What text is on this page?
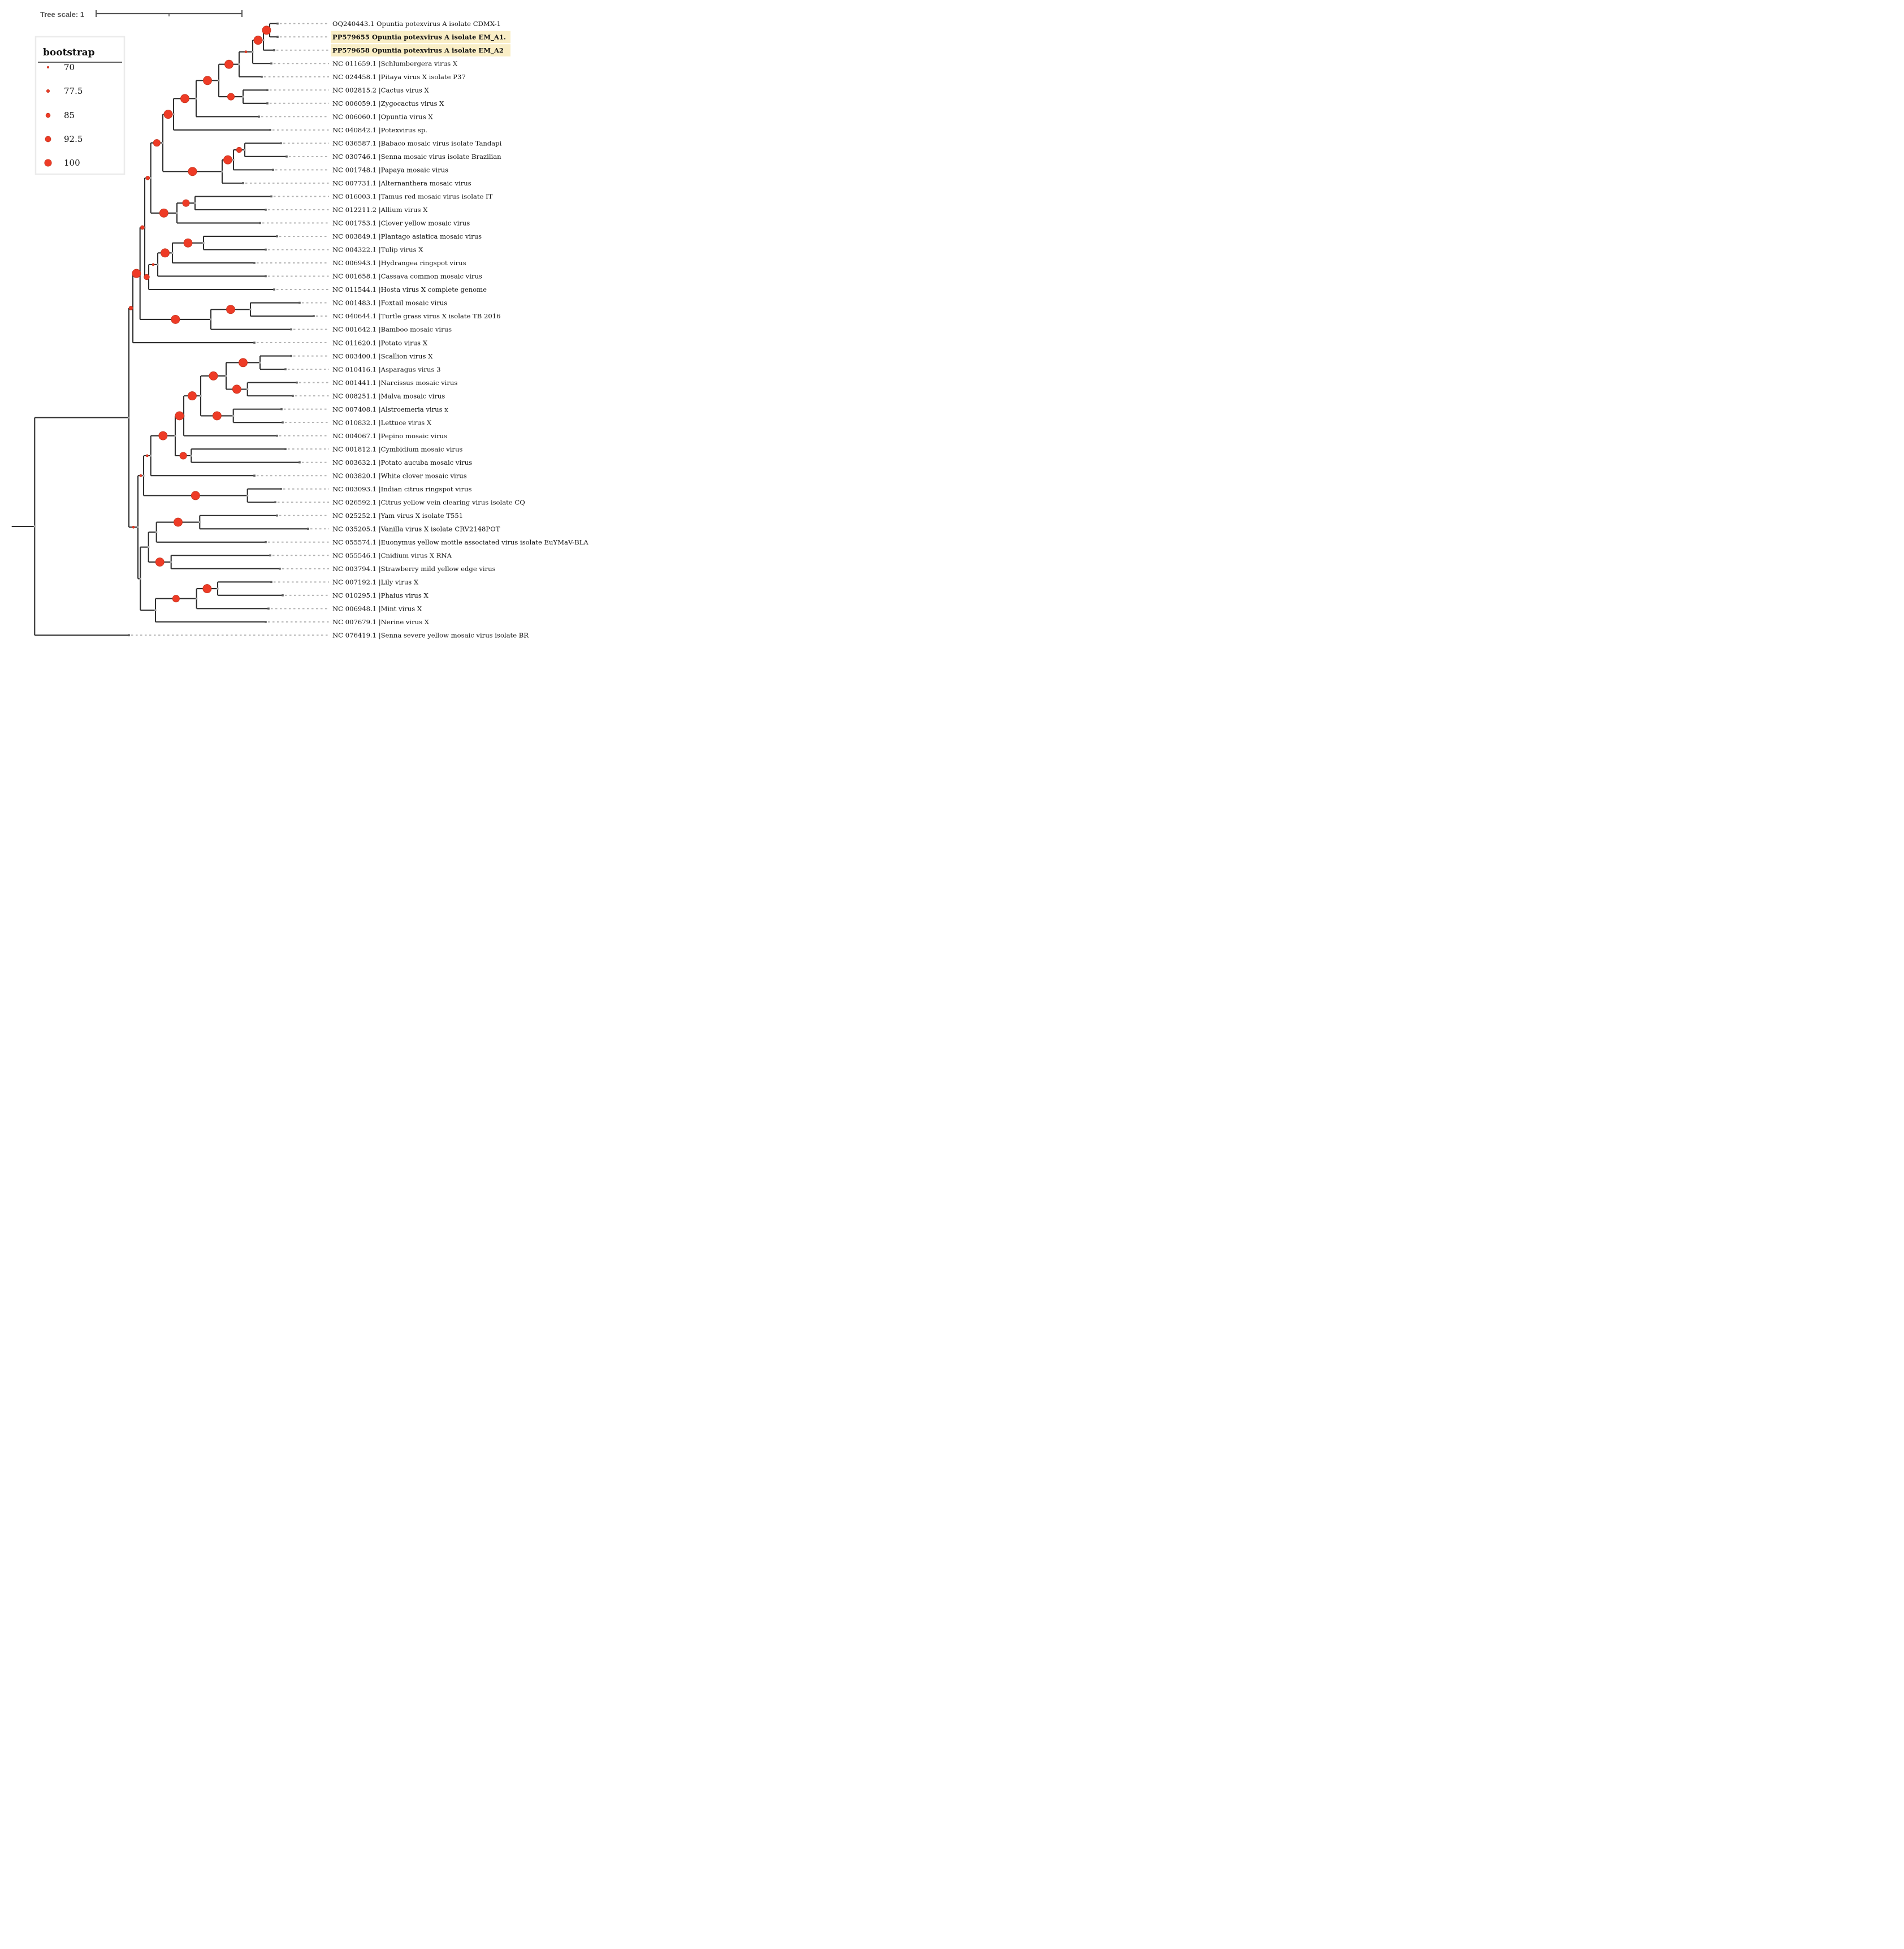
Tree scale: 1
bootstrap
70
77.5
85
92.5
100
OQ240443.1 Opuntia potexvirus A isolate CDMX-1
PP579655 Opuntia potexvirus A isolate EM_A1.
PP579658 Opuntia potexvirus A isolate EM_A2
NC 011659.1 |Schlumbergera virus X
NC 024458.1 |Pitaya virus X isolate P37
NC 002815.2 |Cactus virus X
NC 006059.1 |Zygocactus virus X
NC 006060.1 |Opuntia virus X
NC 040842.1 |Potexvirus sp.
NC 036587.1 |Babaco mosaic virus isolate Tandapi
NC 030746.1 |Senna mosaic virus isolate Brazilian
NC 001748.1 |Papaya mosaic virus
NC 007731.1 |Alternanthera mosaic virus
NC 016003.1 |Tamus red mosaic virus isolate IT
NC 012211.2 |Allium virus X
NC 001753.1 |Clover yellow mosaic virus
NC 003849.1 |Plantago asiatica mosaic virus
NC 004322.1 |Tulip virus X
NC 006943.1 |Hydrangea ringspot virus
NC 001658.1 |Cassava common mosaic virus
NC 011544.1 |Hosta virus X complete genome
NC 001483.1 |Foxtail mosaic virus
NC 040644.1 |Turtle grass virus X isolate TB 2016
NC 001642.1 |Bamboo mosaic virus
NC 011620.1 |Potato virus X
NC 003400.1 |Scallion virus X
NC 010416.1 |Asparagus virus 3
NC 001441.1 |Narcissus mosaic virus
NC 008251.1 |Malva mosaic virus
NC 007408.1 |Alstroemeria virus x
NC 010832.1 |Lettuce virus X
NC 004067.1 |Pepino mosaic virus
NC 001812.1 |Cymbidium mosaic virus
NC 003632.1 |Potato aucuba mosaic virus
NC 003820.1 |White clover mosaic virus
NC 003093.1 |Indian citrus ringspot virus
NC 026592.1 |Citrus yellow vein clearing virus isolate CQ
NC 025252.1 |Yam virus X isolate T551
NC 035205.1 |Vanilla virus X isolate CRV2148POT
NC 055574.1 |Euonymus yellow mottle associated virus isolate EuYMaV-BLA
NC 055546.1 |Cnidium virus X RNA
NC 003794.1 |Strawberry mild yellow edge virus
NC 007192.1 |Lily virus X
NC 010295.1 |Phaius virus X
NC 006948.1 |Mint virus X
NC 007679.1 |Nerine virus X
NC 076419.1 |Senna severe yellow mosaic virus isolate BR
